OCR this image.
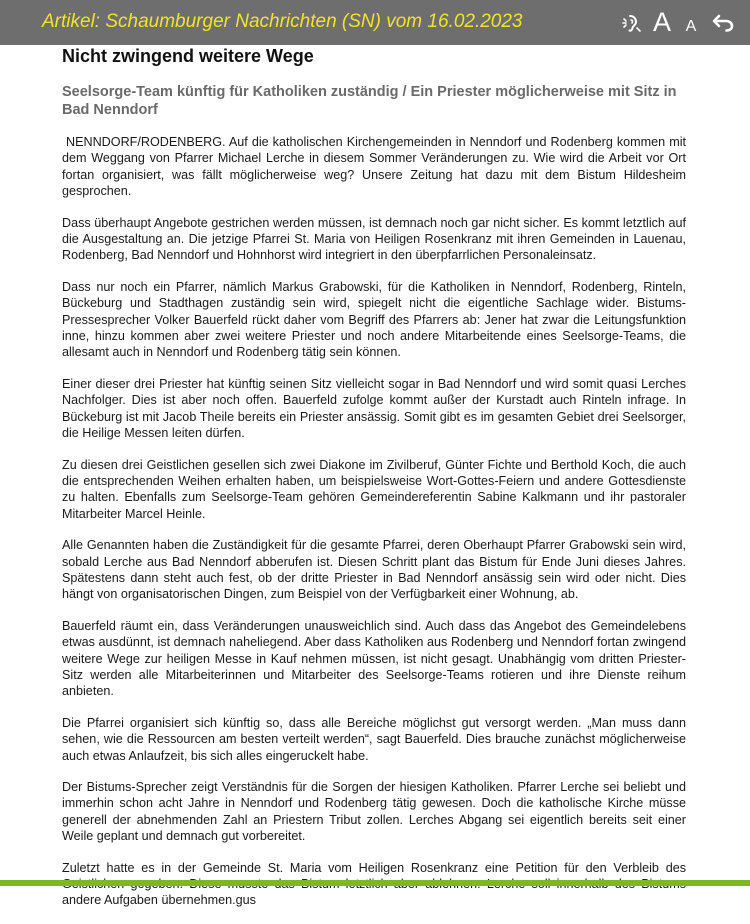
Artikel: Schaumburger Nachrichten (SN) vom 16.02.2023	A A
Nicht zwingend weitere Wege
Seelsorge-Team künftig für Katholiken zuständig / Ein Priester möglicherweise mit Sitz in Bad Nenndorf

NENNDORF/RODENBERG. Auf die katholischen Kirchengemeinden in Nenndorf und Rodenberg kommen mit dem Weggang von Pfarrer Michael Lerche in diesem Sommer Veränderungen zu. Wie wird die Arbeit vor Ort fortan organisiert, was fällt möglicherweise weg? Unsere Zeitung hat dazu mit dem Bistum Hildesheim gesprochen.

Dass überhaupt Angebote gestrichen werden müssen, ist demnach noch gar nicht sicher. Es kommt letztlich auf die Ausgestaltung an. Die jetzige Pfarrei St. Maria von Heiligen Rosenkranz mit ihren Gemeinden in Lauenau, Rodenberg, Bad Nenndorf und Hohnhorst wird integriert in den überpfarrlichen Personaleinsatz.

Dass nur noch ein Pfarrer, nämlich Markus Grabowski, für die Katholiken in Nenndorf, Rodenberg, Rinteln, Bückeburg und Stadthagen zuständig sein wird, spiegelt nicht die eigentliche Sachlage wider. Bistums-Pressesprecher Volker Bauerfeld rückt daher vom Begriff des Pfarrers ab: Jener hat zwar die Leitungsfunktion inne, hinzu kommen aber zwei weitere Priester und noch andere Mitarbeitende eines Seelsorge-Teams, die allesamt auch in Nenndorf und Rodenberg tätig sein können.

Einer dieser drei Priester hat künftig seinen Sitz vielleicht sogar in Bad Nenndorf und wird somit quasi Lerches Nachfolger. Dies ist aber noch offen. Bauerfeld zufolge kommt außer der Kurstadt auch Rinteln infrage. In Bückeburg ist mit Jacob Theile bereits ein Priester ansässig. Somit gibt es im gesamten Gebiet drei Seelsorger, die Heilige Messen leiten dürfen.

Zu diesen drei Geistlichen gesellen sich zwei Diakone im Zivilberuf, Günter Fichte und Berthold Koch, die auch die entsprechenden Weihen erhalten haben, um beispielsweise Wort-Gottes-Feiern und andere Gottesdienste zu halten. Ebenfalls zum Seelsorge-Team gehören Gemeindereferentin Sabine Kalkmann und ihr pastoraler Mitarbeiter Marcel Heinle.

Alle Genannten haben die Zuständigkeit für die gesamte Pfarrei, deren Oberhaupt Pfarrer Grabowski sein wird, sobald Lerche aus Bad Nenndorf abberufen ist. Diesen Schritt plant das Bistum für Ende Juni dieses Jahres. Spätestens dann steht auch fest, ob der dritte Priester in Bad Nenndorf ansässig sein wird oder nicht. Dies hängt von organisatorischen Dingen, zum Beispiel von der Verfügbarkeit einer Wohnung, ab.

Bauerfeld räumt ein, dass Veränderungen unausweichlich sind. Auch dass das Angebot des Gemeindelebens etwas ausdünnt, ist demnach naheliegend. Aber dass Katholiken aus Rodenberg und Nenndorf fortan zwingend weitere Wege zur heiligen Messe in Kauf nehmen müssen, ist nicht gesagt. Unabhängig vom dritten Priester-Sitz werden alle Mitarbeiterinnen und Mitarbeiter des Seelsorge-Teams rotieren und ihre Dienste reihum anbieten.

Die Pfarrei organisiert sich künftig so, dass alle Bereiche möglichst gut versorgt werden. „Man muss dann sehen, wie die Ressourcen am besten verteilt werden“, sagt Bauerfeld. Dies brauche zunächst möglicherweise auch etwas Anlaufzeit, bis sich alles eingeruckelt habe.

Der Bistums-Sprecher zeigt Verständnis für die Sorgen der hiesigen Katholiken. Pfarrer Lerche sei beliebt und immerhin schon acht Jahre in Nenndorf und Rodenberg tätig gewesen. Doch die katholische Kirche müsse generell der abnehmenden Zahl an Priestern Tribut zollen. Lerches Abgang sei eigentlich bereits seit einer Weile geplant und demnach gut vorbereitet.

Zuletzt hatte es in der Gemeinde St. Maria vom Heiligen Rosenkranz eine Petition für den Verbleib des andere Aufgaben übernehmen.gus
